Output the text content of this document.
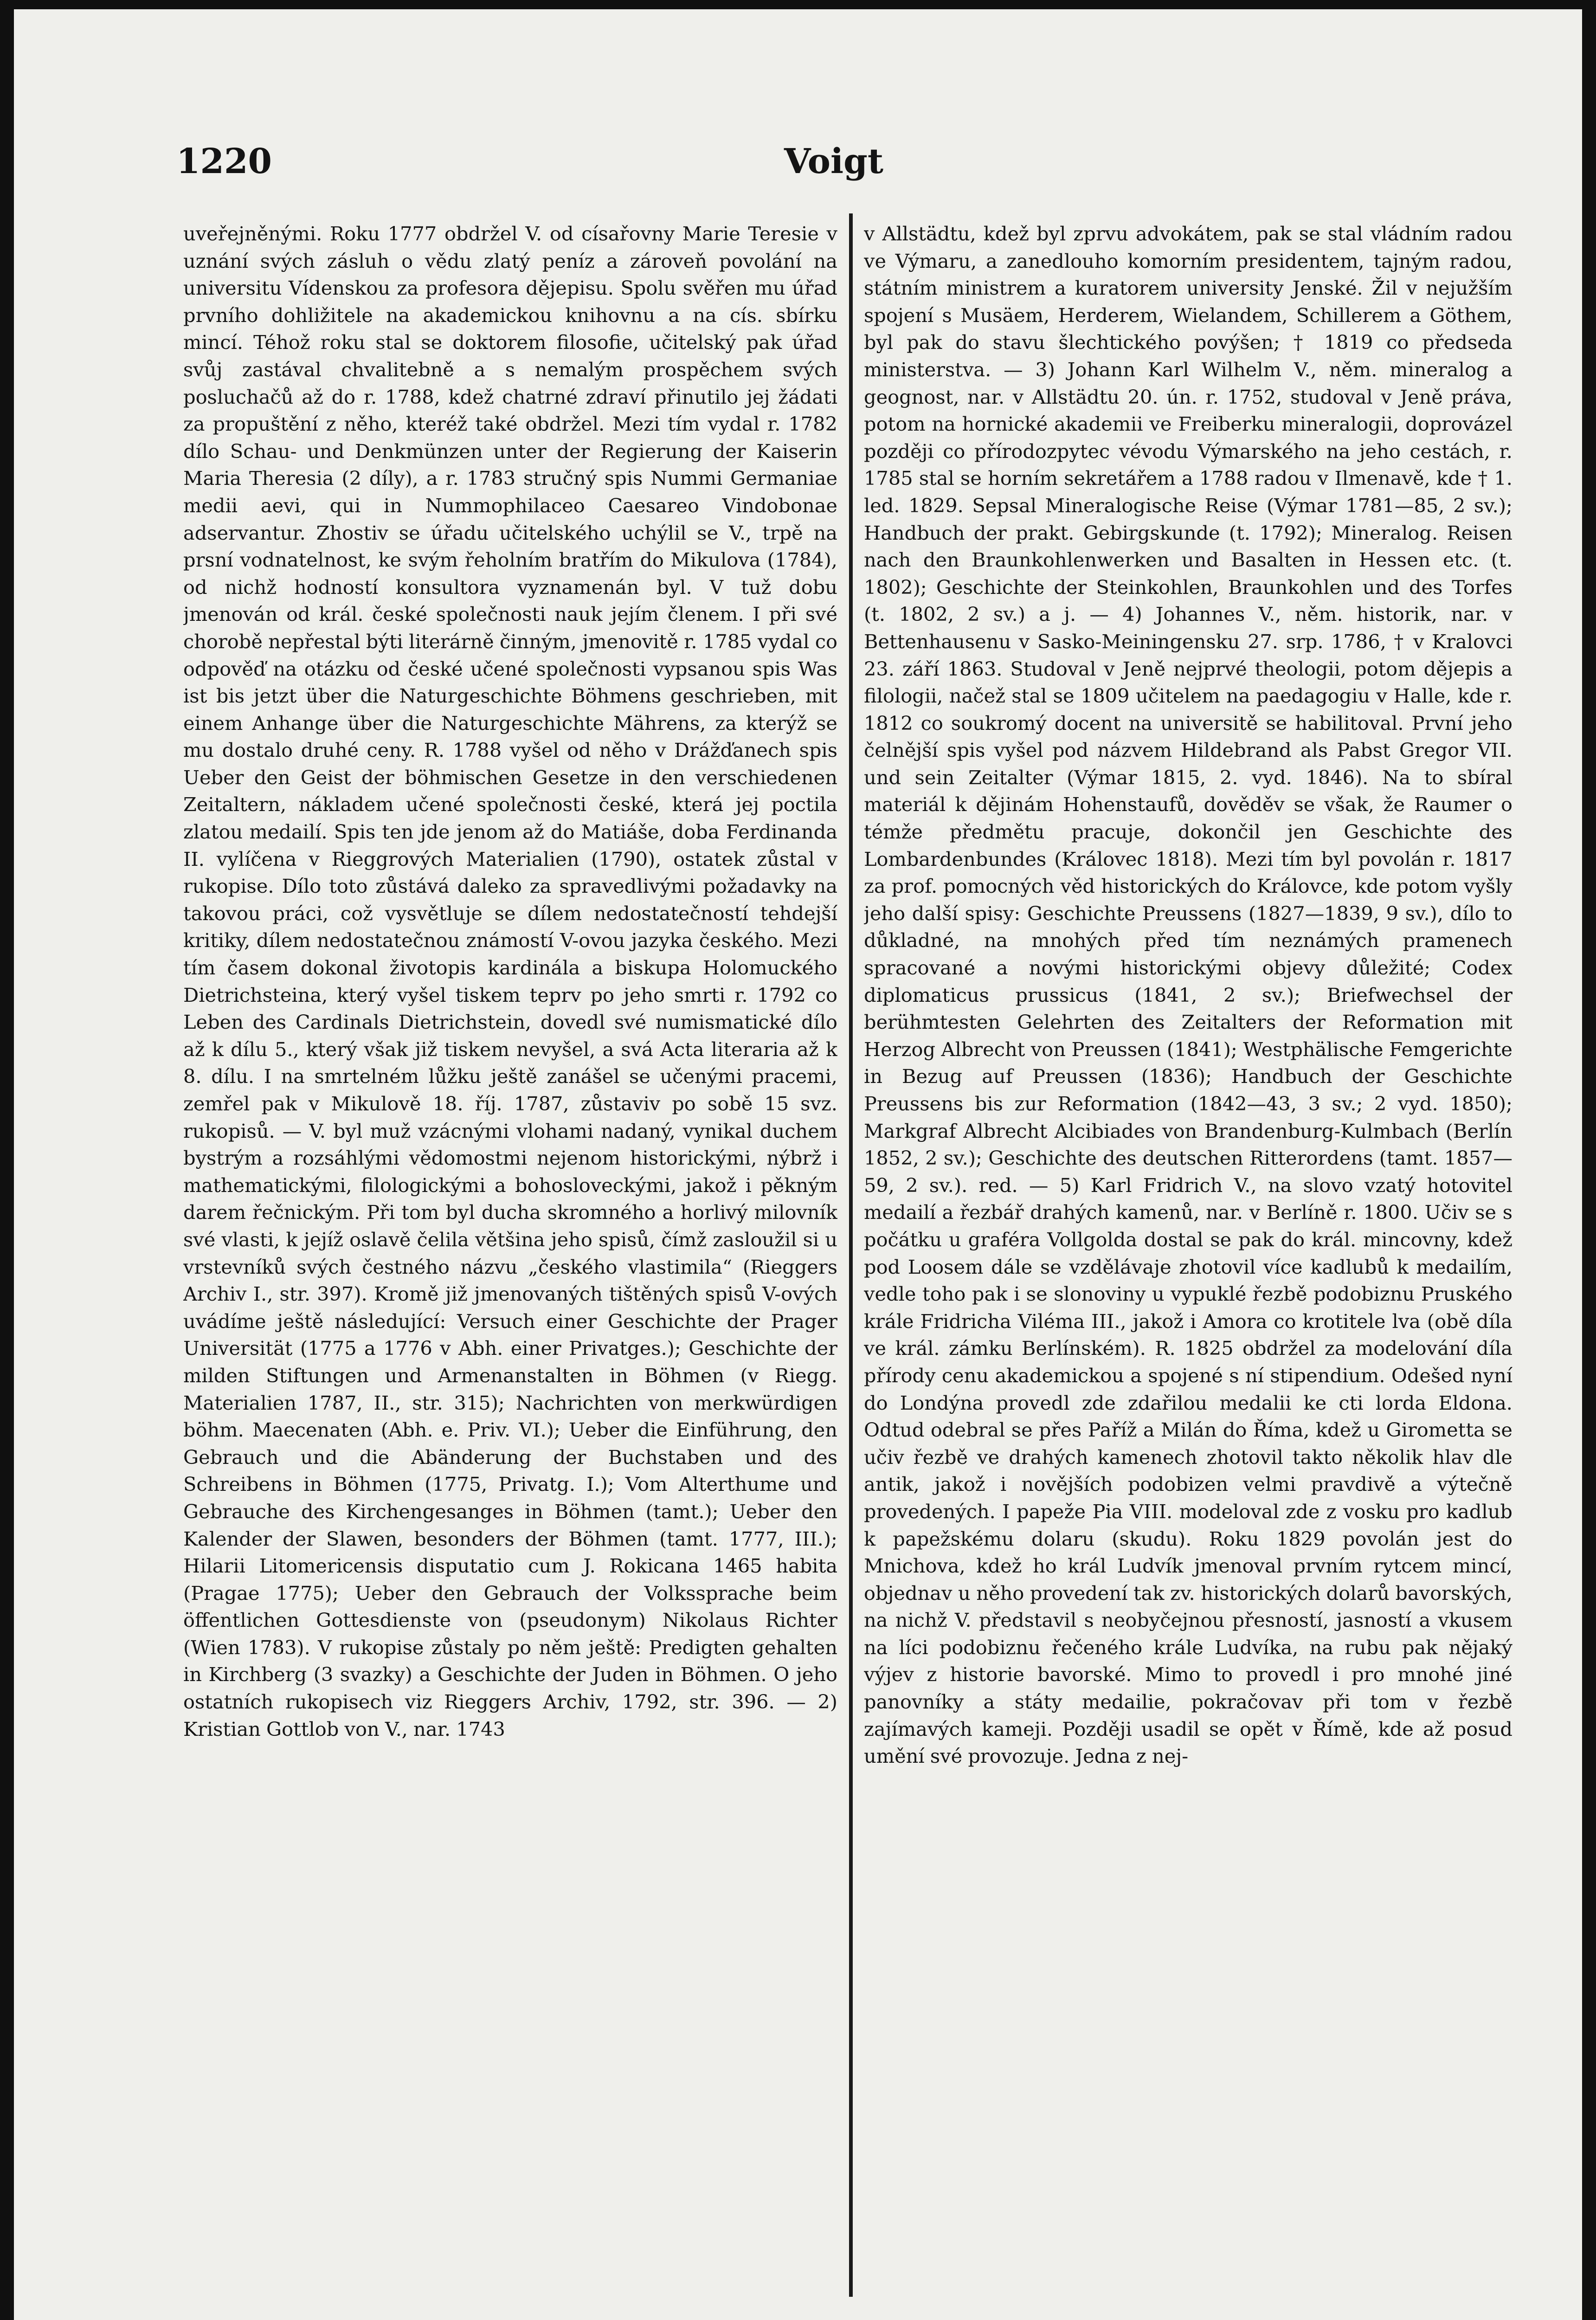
1220	Voigt

uveřejněnými. Roku 1777 obdržel V. od císařovny Marie Teresie v uznání svých zásluh o vědu zlatý peníz a zároveň povolání na universitu Vídenskou za profesora dějepisu. Spolu svěřen mu úřad prvního dohližitele na akademickou knihovnu a na cís. sbírku mincí. Téhož roku stal se doktorem filosofie, učitelský pak úřad svůj zastával chvalitebně a s nemalým prospěchem svých posluchačů až do r. 1788, kdež chatrné zdraví přinutilo jej žádati za propuštění z něho, kteréž také obdržel. Mezi tím vydal r. 1782 dílo Schau- und Denkmünzen unter der Regierung der Kaiserin Maria Theresia (2 díly), a r. 1783 stručný spis Nummi Germaniae medii aevi, qui in Nummophilaceo Caesareo Vindobonae adservantur. Zhostiv se úřadu učitelského uchýlil se V., trpě na prsní vodnatelnost, ke svým řeholním bratřím do Mikulova (1784), od nichž hodností konsultora vyznamenán byl. V tuž dobu jmenován od král. české společnosti nauk jejím členem. I při své chorobě nepřestal býti literárně činným, jmenovitě r. 1785 vydal co odpověď na otázku od české učené společnosti vypsanou spis Was ist bis jetzt über die Naturgeschichte Böhmens geschrieben, mit einem Anhange über die Naturgeschichte Mährens, za kterýž se mu dostalo druhé ceny. R. 1788 vyšel od něho v Drážďanech spis Ueber den Geist der böhmischen Gesetze in den verschiedenen Zeitaltern, nákladem učené společnosti české, která jej poctila zlatou medailí. Spis ten jde jenom až do Matiáše, doba Ferdinanda II. vylíčena v Rieggrových Materialien (1790), ostatek zůstal v rukopise. Dílo toto zůstává daleko za spravedlivými požadavky na takovou práci, což vysvětluje se dílem nedostatečností tehdejší kritiky, dílem nedostatečnou známostí V-ovou jazyka českého. Mezi tím časem dokonal životopis kardinála a biskupa Holomuckého Dietrichsteina, který vyšel tiskem teprv po jeho smrti r. 1792 co Leben des Cardinals Dietrichstein, dovedl své numismatické dílo až k dílu 5., který však již tiskem nevyšel, a svá Acta literaria až k 8. dílu. I na smrtelném lůžku ještě zanášel se učenými pracemi, zemřel pak v Mikulově 18. říj. 1787, zůstaviv po sobě 15 svz. rukopisů. — V. byl muž vzácnými vlohami nadaný, vynikal duchem bystrým a rozsáhlými vědomostmi nejenom historickými, nýbrž i mathematickými, filologickými a bohosloveckými, jakož i pěkným darem řečnickým. Při tom byl ducha skromného a horlivý milovník své vlasti, k jejíž oslavě čelila většina jeho spisů, čímž zasloužil si u vrstevníků svých čestného názvu „českého vlastimila“ (Rieggers Archiv I., str. 397). Kromě již jmenovaných tištěných spisů V-ových uvádíme ještě následující: Versuch einer Geschichte der Prager Universität (1775 a 1776 v Abh. einer Privatges.); Geschichte der milden Stiftungen und Armenanstalten in Böhmen (v Riegg. Materialien 1787, II., str. 315); Nachrichten von merkwürdigen böhm. Maecenaten (Abh. e. Priv. VI.); Ueber die Einführung, den Gebrauch und die Abänderung der Buchstaben und des Schreibens in Böhmen (1775, Privatg. I.); Vom Alterthume und Gebrauche des Kirchengesanges in Böhmen (tamt.); Ueber den Kalender der Slawen, besonders der Böhmen (tamt. 1777, III.); Hilarii Litomericensis disputatio cum J. Rokicana 1465 habita (Pragae 1775); Ueber den Gebrauch der Volkssprache beim öffentlichen Gottesdienste von (pseudonym) Nikolaus Richter (Wien 1783). V rukopise zůstaly po něm ještě: Predigten gehalten in Kirchberg (3 svazky) a Geschichte der Juden in Böhmen. O jeho ostatních rukopisech viz Rieggers Archiv, 1792, str. 396. — 2) Kristian Gottlob von V., nar. 1743

v Allstädtu, kdež byl zprvu advokátem, pak se stal vládním radou ve Výmaru, a zanedlouho komorním presidentem, tajným radou, státním ministrem a kuratorem university Jenské. Žil v nejužším spojení s Musäem, Herderem, Wielandem, Schillerem a Göthem, byl pak do stavu šlechtického povýšen; † 1819 co předseda ministerstva. — 3) Johann Karl Wilhelm V., něm. mineralog a geognost, nar. v Allstädtu 20. ún. r. 1752, studoval v Jeně práva, potom na hornické akademii ve Freiberku mineralogii, doprovázel později co přírodozpytec vévodu Výmarského na jeho cestách, r. 1785 stal se horním sekretářem a 1788 radou v Ilmenavě, kde † 1. led. 1829. Sepsal Mineralogische Reise (Výmar 1781—85, 2 sv.); Handbuch der prakt. Gebirgskunde (t. 1792); Mineralog. Reisen nach den Braunkohlenwerken und Basalten in Hessen etc. (t. 1802); Geschichte der Steinkohlen, Braunkohlen und des Torfes (t. 1802, 2 sv.) a j. — 4) Johannes V., něm. historik, nar. v Bettenhausenu v Sasko-Meiningensku 27. srp. 1786, † v Kralovci 23. září 1863. Studoval v Jeně nejprvé theologii, potom dějepis a filologii, načež stal se 1809 učitelem na paedagogiu v Halle, kde r. 1812 co soukromý docent na universitě se habilitoval. První jeho čelnější spis vyšel pod názvem Hildebrand als Pabst Gregor VII. und sein Zeitalter (Výmar 1815, 2. vyd. 1846). Na to sbíral materiál k dějinám Hohenstaufů, dověděv se však, že Raumer o témže předmětu pracuje, dokončil jen Geschichte des Lombardenbundes (Královec 1818). Mezi tím byl povolán r. 1817 za prof. pomocných věd historických do Královce, kde potom vyšly jeho další spisy: Geschichte Preussens (1827—1839, 9 sv.), dílo to důkladné, na mnohých před tím neznámých pramenech spracované a novými historickými objevy důležité; Codex diplomaticus prussicus (1841, 2 sv.); Briefwechsel der berühmtesten Gelehrten des Zeitalters der Reformation mit Herzog Albrecht von Preussen (1841); Westphälische Femgerichte in Bezug auf Preussen (1836); Handbuch der Geschichte Preussens bis zur Reformation (1842—43, 3 sv.; 2 vyd. 1850); Markgraf Albrecht Alcibiades von Brandenburg-Kulmbach (Berlín 1852, 2 sv.); Geschichte des deutschen Ritterordens (tamt. 1857—59, 2 sv.). red. — 5) Karl Fridrich V., na slovo vzatý hotovitel medailí a řezbář drahých kamenů, nar. v Berlíně r. 1800. Učiv se s počátku u graféra Vollgolda dostal se pak do král. mincovny, kdež pod Loosem dále se vzdělávaje zhotovil více kadlubů k medailím, vedle toho pak i se slonoviny u vypuklé řezbě podobiznu Pruského krále Fridricha Viléma III., jakož i Amora co krotitele lva (obě díla ve král. zámku Berlínském). R. 1825 obdržel za modelování díla přírody cenu akademickou a spojené s ní stipendium. Odešed nyní do Londýna provedl zde zdařilou medalii ke cti lorda Eldona. Odtud odebral se přes Paříž a Milán do Říma, kdež u Girometta se učiv řezbě ve drahých kamenech zhotovil takto několik hlav dle antik, jakož i novějších podobizen velmi pravdivě a výtečně provedených. I papeže Pia VIII. modeloval zde z vosku pro kadlub k papežskému dolaru (skudu). Roku 1829 povolán jest do Mnichova, kdež ho král Ludvík jmenoval prvním rytcem mincí, objednav u něho provedení tak zv. historických dolarů bavorských, na nichž V. představil s neobyčejnou přesností, jasností a vkusem na líci podobiznu řečeného krále Ludvíka, na rubu pak nějaký výjev z historie bavorské. Mimo to provedl i pro mnohé jiné panovníky a státy medailie, pokračovav při tom v řezbě zajímavých kameji. Později usadil se opět v Římě, kde až posud umění své provozuje. Jedna z nej-
